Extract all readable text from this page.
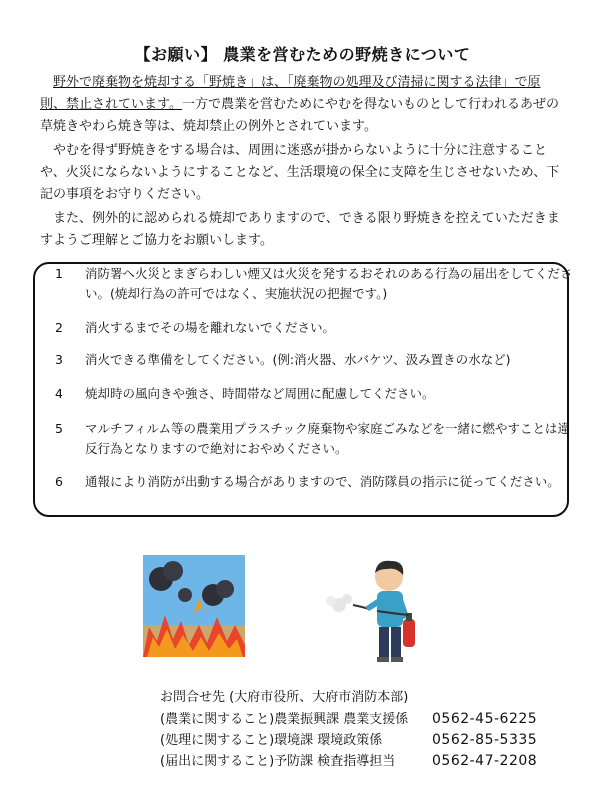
【お願い】 農業を営むための野焼きについて

　野外で廃棄物を焼却する「野焼き」は、「廃棄物の処理及び清掃に関する法律」で原則、禁止されています。一方で農業を営むためにやむを得ないものとして行われるあぜの草焼きやわら焼き等は、焼却禁止の例外とされています。

　やむを得ず野焼きをする場合は、周囲に迷惑が掛からないように十分に注意することや、火災にならないようにすることなど、生活環境の保全に支障を生じさせないため、下記の事項をお守りください。

　また、例外的に認められる焼却でありますので、できる限り野焼きを控えていただきますようご理解とご協力をお願いします。

1	消防署へ火災とまぎらわしい煙又は火災を発するおそれのある行為の届出をしてください。(焼却行為の許可ではなく、実施状況の把握です。)
2	消火するまでその場を離れないでください。
3	消火できる準備をしてください。(例:消火器、水バケツ、汲み置きの水など)
4	焼却時の風向きや強さ、時間帯など周囲に配慮してください。
5	マルチフィルム等の農業用プラスチック廃棄物や家庭ごみなどを一緒に燃やすことは違反行為となりますので絶対におやめください。
6	通報により消防が出動する場合がありますので、消防隊員の指示に従ってください。
お問合せ先 (大府市役所、大府市消防本部)
(農業に関すること)農業振興課 農業支援係 0562-45-6225
(処理に関すること)環境課 環境政策係	0562-85-5335
(届出に関すること)予防課 検査指導担当	0562-47-2208
